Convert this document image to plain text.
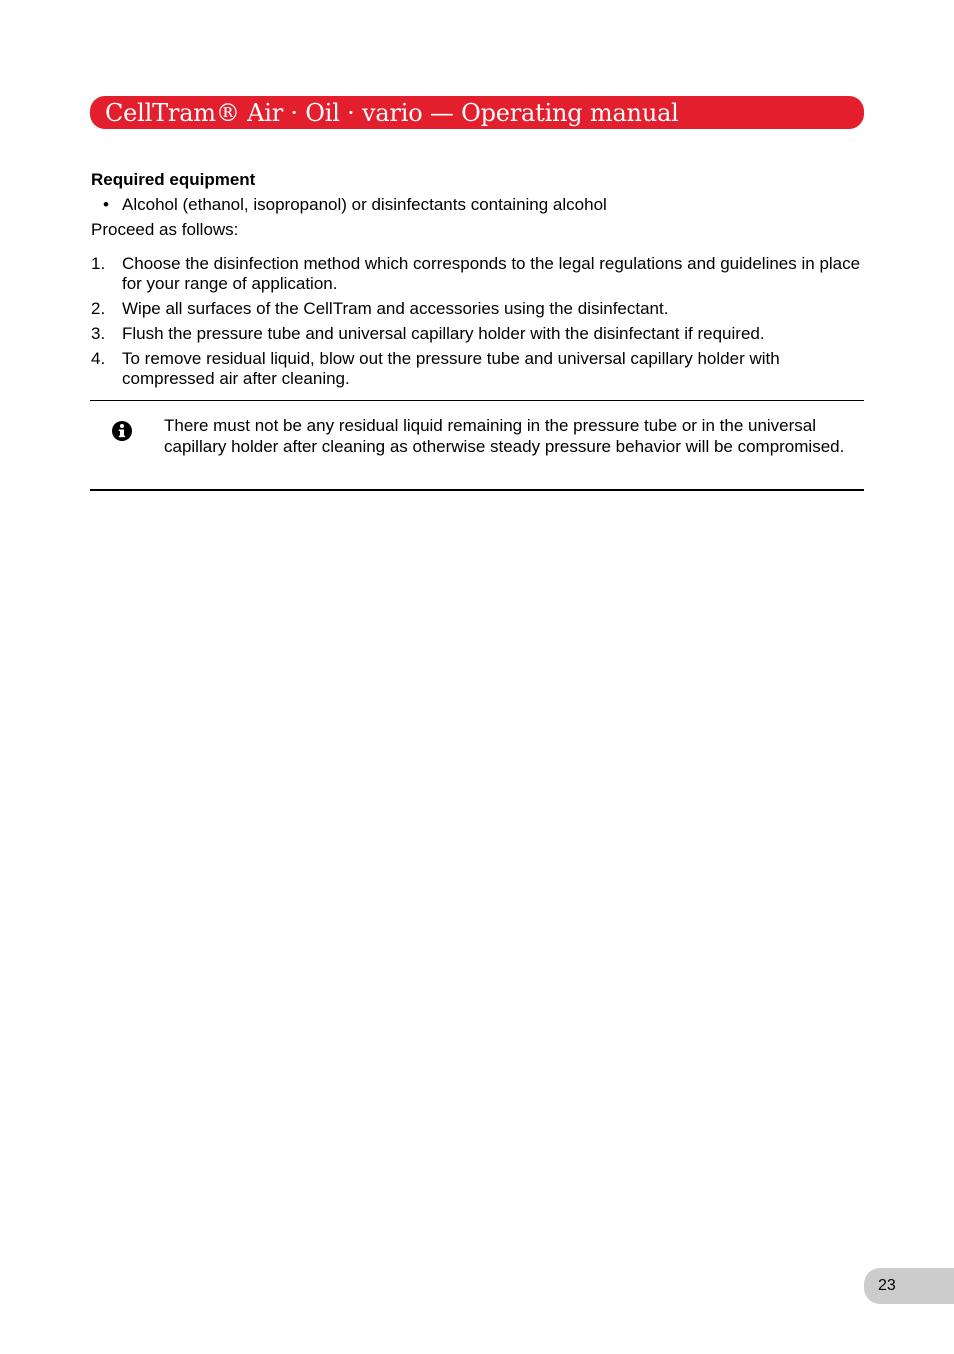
CellTram® Air · Oil · vario — Operating manual

Required equipment

• Alcohol (ethanol, isopropanol) or disinfectants containing alcohol

Proceed as follows:

1. Choose the disinfection method which corresponds to the legal regulations and guidelines in place for your range of application.
2. Wipe all surfaces of the CellTram and accessories using the disinfectant.
3. Flush the pressure tube and universal capillary holder with the disinfectant if required.
4. To remove residual liquid, blow out the pressure tube and universal capillary holder with compressed air after cleaning.

There must not be any residual liquid remaining in the pressure tube or in the universal capillary holder after cleaning as otherwise steady pressure behavior will be compromised.

23
